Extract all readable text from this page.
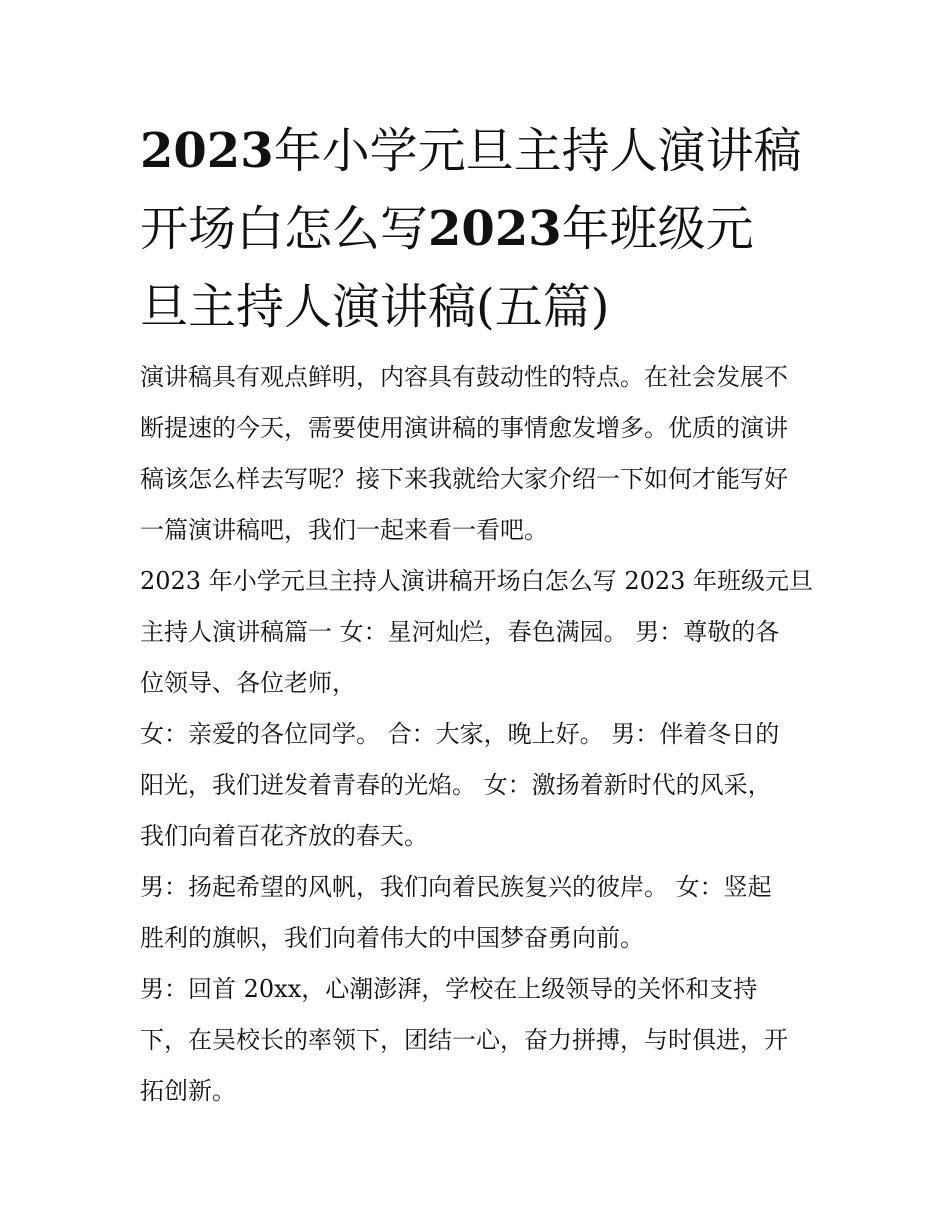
2023年小学元旦主持人演讲稿
开场白怎么写2023年班级元
旦主持人演讲稿(五篇)

演讲稿具有观点鲜明，内容具有鼓动性的特点。在社会发展不
断提速的今天，需要使用演讲稿的事情愈发增多。优质的演讲
稿该怎么样去写呢？接下来我就给大家介绍一下如何才能写好
一篇演讲稿吧，我们一起来看一看吧。

2023 年小学元旦主持人演讲稿开场白怎么写 2023 年班级元旦
主持人演讲稿篇一 女：星河灿烂，春色满园。 男：尊敬的各
位领导、各位老师，

女：亲爱的各位同学。 合：大家，晚上好。 男：伴着冬日的
阳光，我们迸发着青春的光焰。 女：激扬着新时代的风采，
我们向着百花齐放的春天。

男：扬起希望的风帆，我们向着民族复兴的彼岸。 女：竖起
胜利的旗帜，我们向着伟大的中国梦奋勇向前。

男：回首 20xx，心潮澎湃，学校在上级领导的关怀和支持
下，在吴校长的率领下，团结一心，奋力拼搏，与时俱进，开
拓创新。
